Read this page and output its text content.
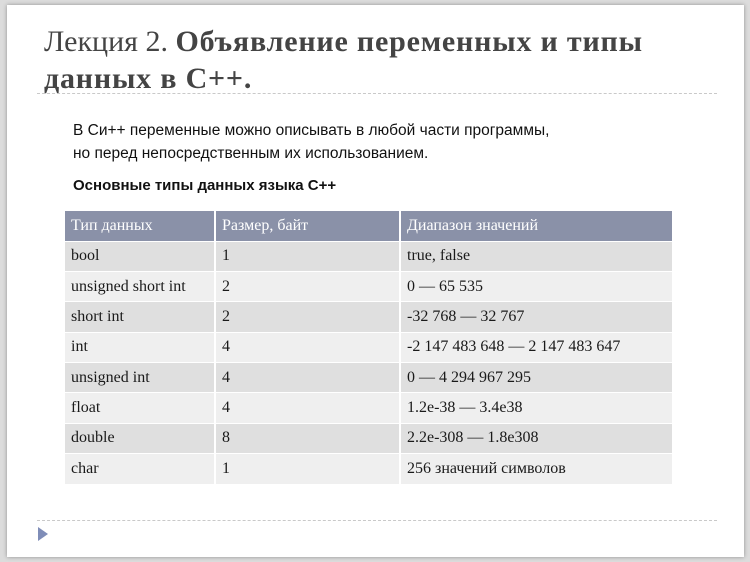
Лекция 2. Объявление переменных и типы данных в С++.
В Си++ переменные можно описывать в любой части программы,
но перед непосредственным их использованием.
Основные типы данных языка С++
Тип данных	Размер, байт	Диапазон значений
bool	1	true, false
unsigned short int	2	0 — 65 535
short int	2	-32 768 — 32 767
int	4	-2 147 483 648 — 2 147 483 647
unsigned int	4	0 — 4 294 967 295
float	4	1.2e-38 — 3.4e38
double	8	2.2e-308 — 1.8e308
char	1	256 значений символов
